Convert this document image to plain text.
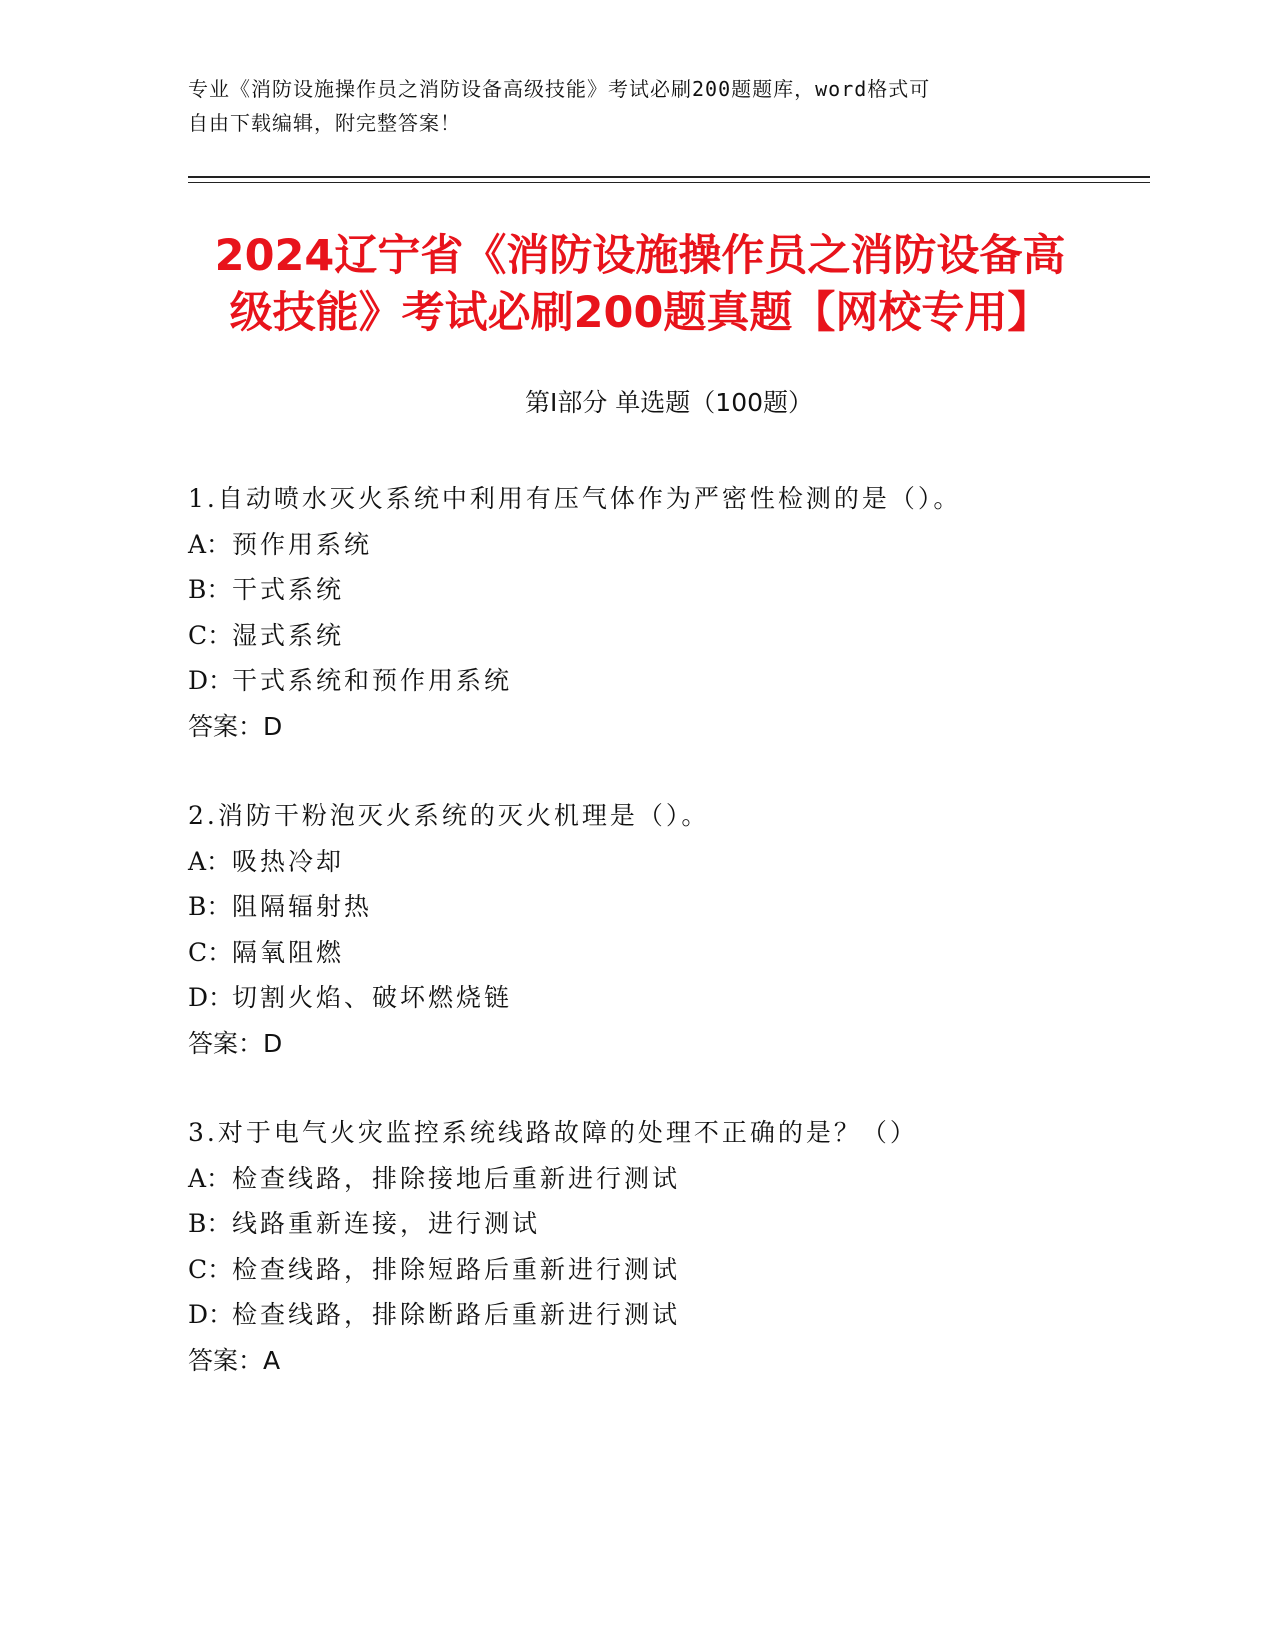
专业《消防设施操作员之消防设备高级技能》考试必刷200题题库，word格式可
自由下载编辑，附完整答案！
2024辽宁省《消防设施操作员之消防设备高
级技能》考试必刷200题真题【网校专用】
第Ⅰ部分 单选题（100题）
1.自动喷水灭火系统中利用有压气体作为严密性检测的是（）。
A：预作用系统
B：干式系统
C：湿式系统
D：干式系统和预作用系统
答案：D
2.消防干粉泡灭火系统的灭火机理是（）。
A：吸热冷却
B：阻隔辐射热
C：隔氧阻燃
D：切割火焰、破坏燃烧链
答案：D
3.对于电气火灾监控系统线路故障的处理不正确的是？（）
A：检查线路，排除接地后重新进行测试
B：线路重新连接，进行测试
C：检查线路，排除短路后重新进行测试
D：检查线路，排除断路后重新进行测试
答案：A
